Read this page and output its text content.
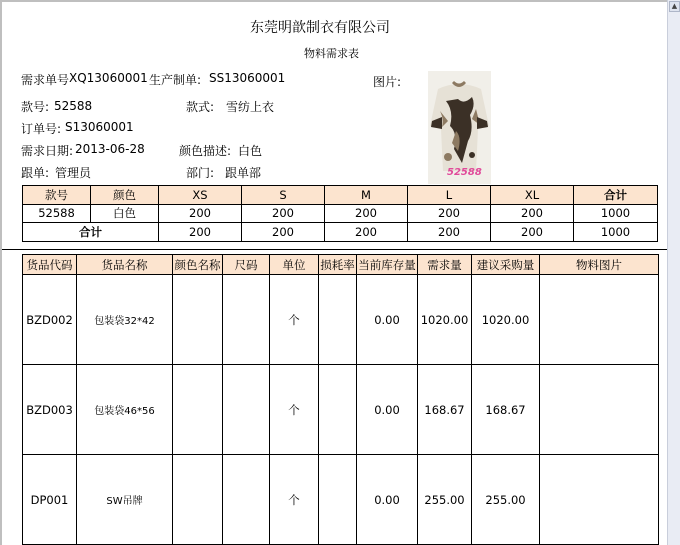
▲
东莞明歆制衣有限公司
物料需求表
需求单号 XQ13060001 生产制单: SS13060001	图片:
款号: 52588	款式: 雪纺上衣
订单号: S13060001
需求日期: 2013-06-28	颜色描述: 白色
跟单: 管理员	部门: 跟单部	52588
款号	颜色	XS	S	M	L	XL	合计
52588	白色	200	200	200	200	200	1000
合计		200	200	200	200	200	1000
货品代码	货品名称	颜色名称	尺码	单位	损耗率	当前库存量	需求量	建议采购量	物料图片
BZD002	包装袋32*42			个		0.00	1020.00	1020.00	
BZD003	包装袋46*56			个		0.00	168.67	168.67	
DP001	SW吊牌			个		0.00	255.00	255.00	
